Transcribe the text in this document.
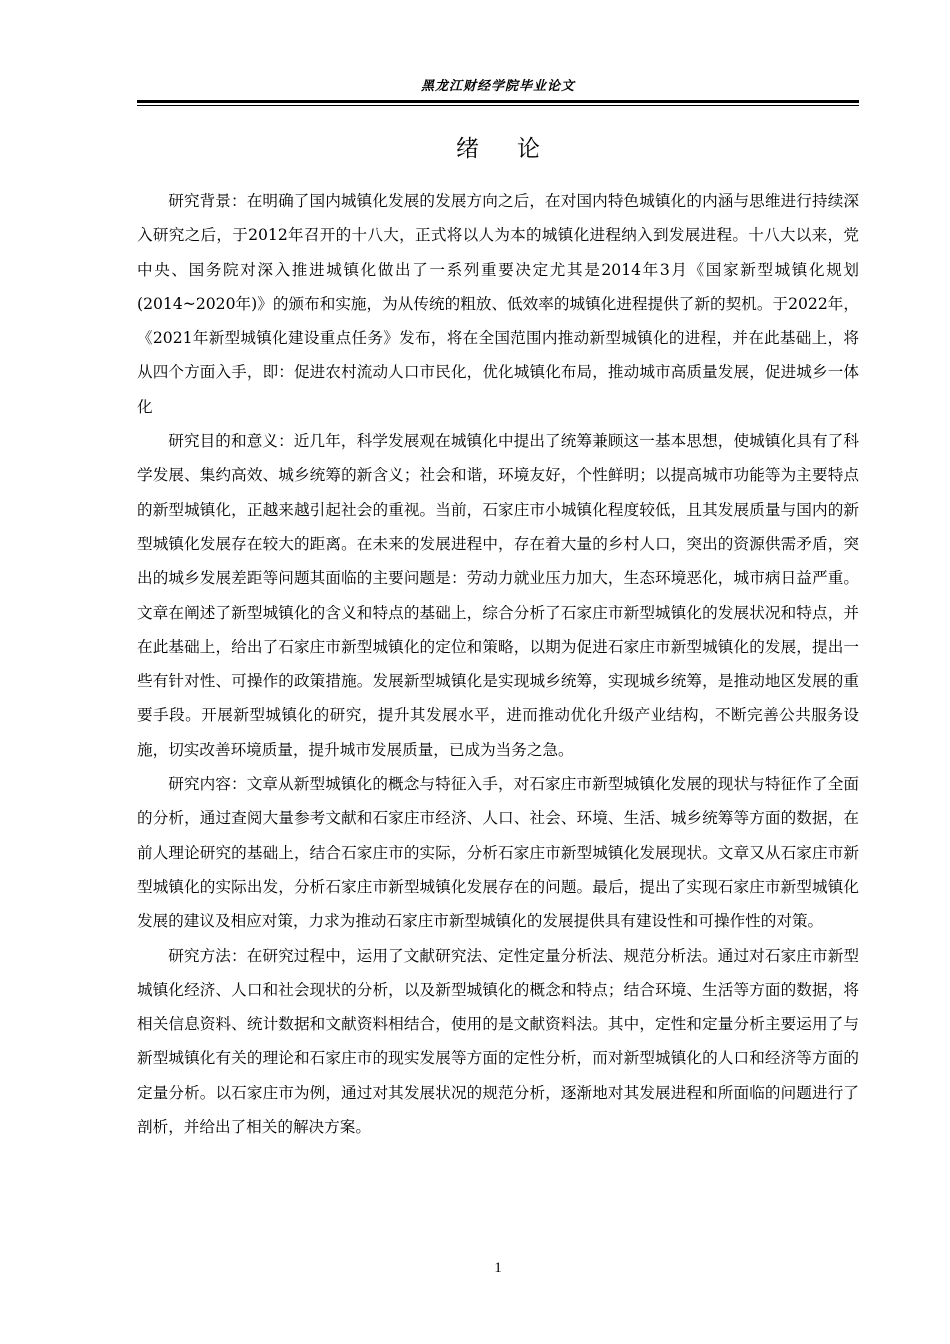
黑龙江财经学院毕业论文
绪论

研究背景：在明确了国内城镇化发展的发展方向之后，在对国内特色城镇化的内涵与思维进行持续深入研究之后，于2012年召开的十八大，正式将以人为本的城镇化进程纳入到发展进程。十八大以来，党中央、国务院对深入推进城镇化做出了一系列重要决定尤其是2014年3月《国家新型城镇化规划(2014~2020年)》的颁布和实施，为从传统的粗放、低效率的城镇化进程提供了新的契机。于2022年，《2021年新型城镇化建设重点任务》发布，将在全国范围内推动新型城镇化的进程，并在此基础上，将从四个方面入手，即：促进农村流动人口市民化，优化城镇化布局，推动城市高质量发展，促进城乡一体化

研究目的和意义：近几年，科学发展观在城镇化中提出了统筹兼顾这一基本思想，使城镇化具有了科学发展、集约高效、城乡统筹的新含义；社会和谐，环境友好，个性鲜明；以提高城市功能等为主要特点的新型城镇化，正越来越引起社会的重视。当前，石家庄市小城镇化程度较低，且其发展质量与国内的新型城镇化发展存在较大的距离。在未来的发展进程中，存在着大量的乡村人口，突出的资源供需矛盾，突出的城乡发展差距等问题其面临的主要问题是：劳动力就业压力加大，生态环境恶化，城市病日益严重。文章在阐述了新型城镇化的含义和特点的基础上，综合分析了石家庄市新型城镇化的发展状况和特点，并在此基础上，给出了石家庄市新型城镇化的定位和策略，以期为促进石家庄市新型城镇化的发展，提出一些有针对性、可操作的政策措施。发展新型城镇化是实现城乡统筹，实现城乡统筹，是推动地区发展的重要手段。开展新型城镇化的研究，提升其发展水平，进而推动优化升级产业结构，不断完善公共服务设施，切实改善环境质量，提升城市发展质量，已成为当务之急。

研究内容：文章从新型城镇化的概念与特征入手，对石家庄市新型城镇化发展的现状与特征作了全面的分析，通过查阅大量参考文献和石家庄市经济、人口、社会、环境、生活、城乡统筹等方面的数据，在前人理论研究的基础上，结合石家庄市的实际，分析石家庄市新型城镇化发展现状。文章又从石家庄市新型城镇化的实际出发，分析石家庄市新型城镇化发展存在的问题。最后，提出了实现石家庄市新型城镇化发展的建议及相应对策，力求为推动石家庄市新型城镇化的发展提供具有建设性和可操作性的对策。

研究方法：在研究过程中，运用了文献研究法、定性定量分析法、规范分析法。通过对石家庄市新型城镇化经济、人口和社会现状的分析，以及新型城镇化的概念和特点；结合环境、生活等方面的数据，将相关信息资料、统计数据和文献资料相结合，使用的是文献资料法。其中，定性和定量分析主要运用了与新型城镇化有关的理论和石家庄市的现实发展等方面的定性分析，而对新型城镇化的人口和经济等方面的定量分析。以石家庄市为例，通过对其发展状况的规范分析，逐渐地对其发展进程和所面临的问题进行了剖析，并给出了相关的解决方案。

1
